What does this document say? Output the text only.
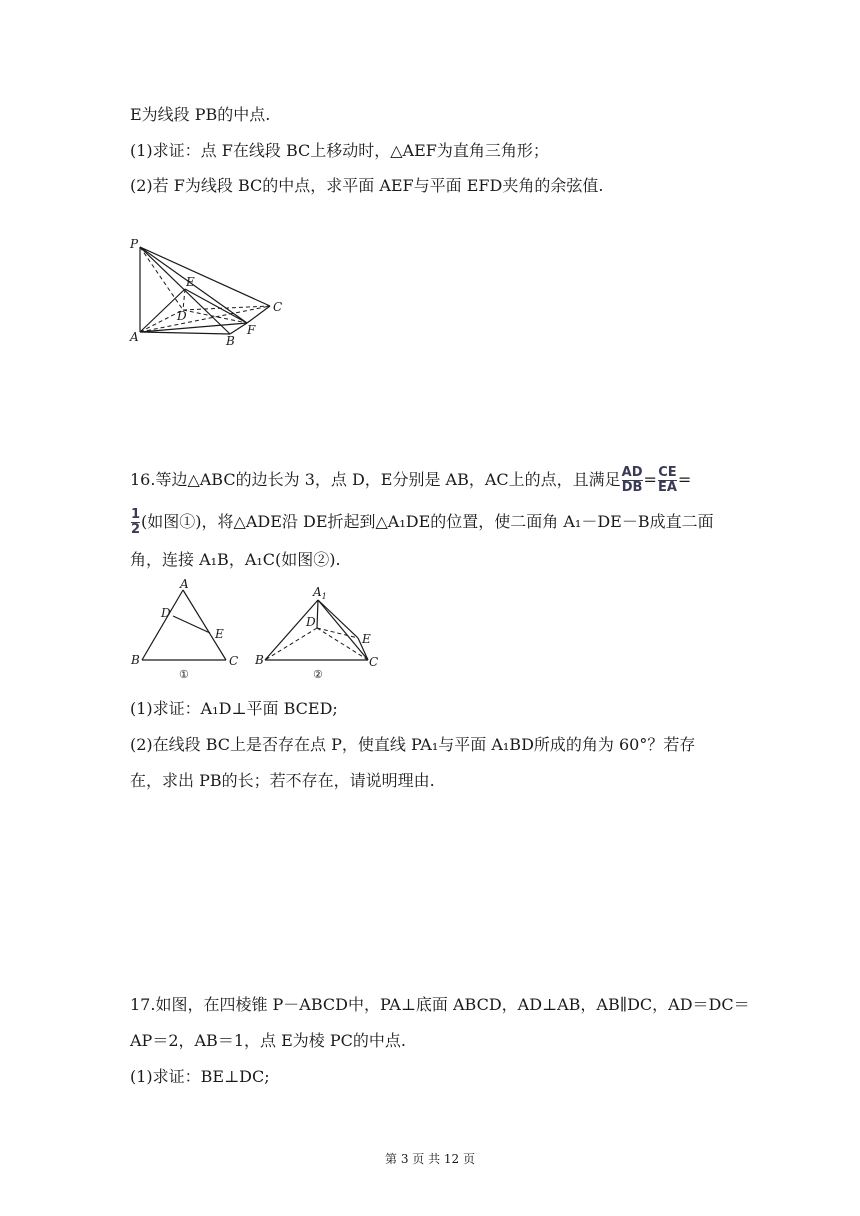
E为线段 PB的中点.
(1)求证：点 F在线段 BC上移动时，△AEF为直角三角形；
(2)若 F为线段 BC的中点，求平面 AEF与平面 EFD夹角的余弦值.
P
E
D
C
A	F
B
16.等边△ABC的边长为 3，点 D，E分别是 AB，AC上的点，且满足 $\frac{AD}{DB} = \frac{CE}{EA}$ =
$\frac{1}{2}$ (如图①)，将△ADE沿 DE折起到△A₁DE的位置，使二面角 A₁－DE－B成直二面
角，连接 A₁B，A₁C(如图②).
A
D
E
B	C
①
$A_1$
D
E
B	C
②
(1)求证：A₁D⊥平面 BCED;
(2)在线段 BC上是否存在点 P，使直线 PA₁与平面 A₁BD所成的角为 60°？若存
在，求出 PB的长；若不存在，请说明理由.
17.如图，在四棱锥 P－ABCD中，PA⊥底面 ABCD，AD⊥AB，AB∥DC，AD＝DC＝
AP＝2，AB＝1，点 E为棱 PC的中点.
(1)求证：BE⊥DC;
第 3 页 共 12 页
